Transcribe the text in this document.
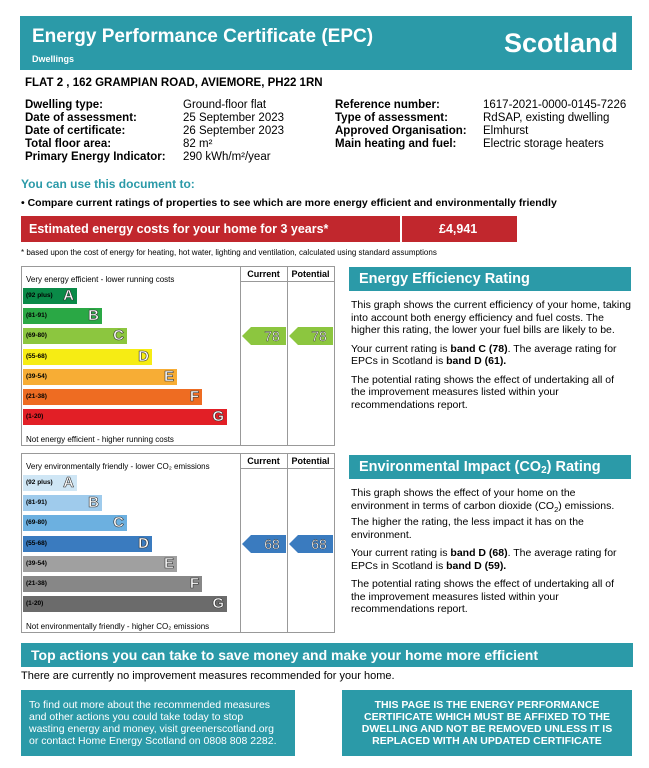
Energy Performance Certificate (EPC)
Dwellings
Scotland
FLAT 2 , 162 GRAMPIAN ROAD, AVIEMORE, PH22 1RN
Dwelling type:	Ground-floor flat
Date of assessment:	25 September 2023
Date of certificate:	26 September 2023
Total floor area:	82 m²
Primary Energy Indicator: 290 kWh/m²/year
Reference number:	1617-2021-0000-0145-7226
Type of assessment:	RdSAP, existing dwelling
Approved Organisation: Elmhurst
Main heating and fuel: Electric storage heaters
You can use this document to:
• Compare current ratings of properties to see which are more energy efficient and environmentally friendly
Estimated energy costs for your home for 3 years*	£4,941
* based upon the cost of energy for heating, hot water, lighting and ventilation, calculated using standard assumptions
Current	Potential
Very energy efficient - lower running costs
Not energy efficient - higher running costs
(92 plus) A
(81-91)	B
(69-80)	C
(55-68)	D
(39-54)	E
(21-38)	F
(1-20)	G
78	78
Current	Potential
Very environmentally friendly - lower CO₂ emissions
Not environmentally friendly - higher CO₂ emissions
(92 plus) A
(81-91)	B
(69-80)	C
(55-68)	D
(39-54)	E
(21-38)	F
(1-20)	G
68	68
Energy Efficiency Rating

This graph shows the current efficiency of your home, taking into account both energy efficiency and fuel costs. The higher this rating, the lower your fuel bills are likely to be.

Your current rating is band C (78). The average rating for EPCs in Scotland is band D (61).

The potential rating shows the effect of undertaking all of the improvement measures listed within your recommendations report.

Environmental Impact (CO2) Rating

This graph shows the effect of your home on the environment in terms of carbon dioxide $(CO_2)$ emissions. The higher the rating, the less impact it has on the environment.

Your current rating is band D (68). The average rating for EPCs in Scotland is band D (59).

The potential rating shows the effect of undertaking all of the improvement measures listed within your recommendations report.

Top actions you can take to save money and make your home more efficient
There are currently no improvement measures recommended for your home.
To find out more about the recommended measures
and other actions you could take today to stop
wasting energy and money, visit greenerscotland.org
or contact Home Energy Scotland on 0808 808 2282.
THIS PAGE IS THE ENERGY PERFORMANCE
CERTIFICATE WHICH MUST BE AFFIXED TO THE
DWELLING AND NOT BE REMOVED UNLESS IT IS
REPLACED WITH AN UPDATED CERTIFICATE
